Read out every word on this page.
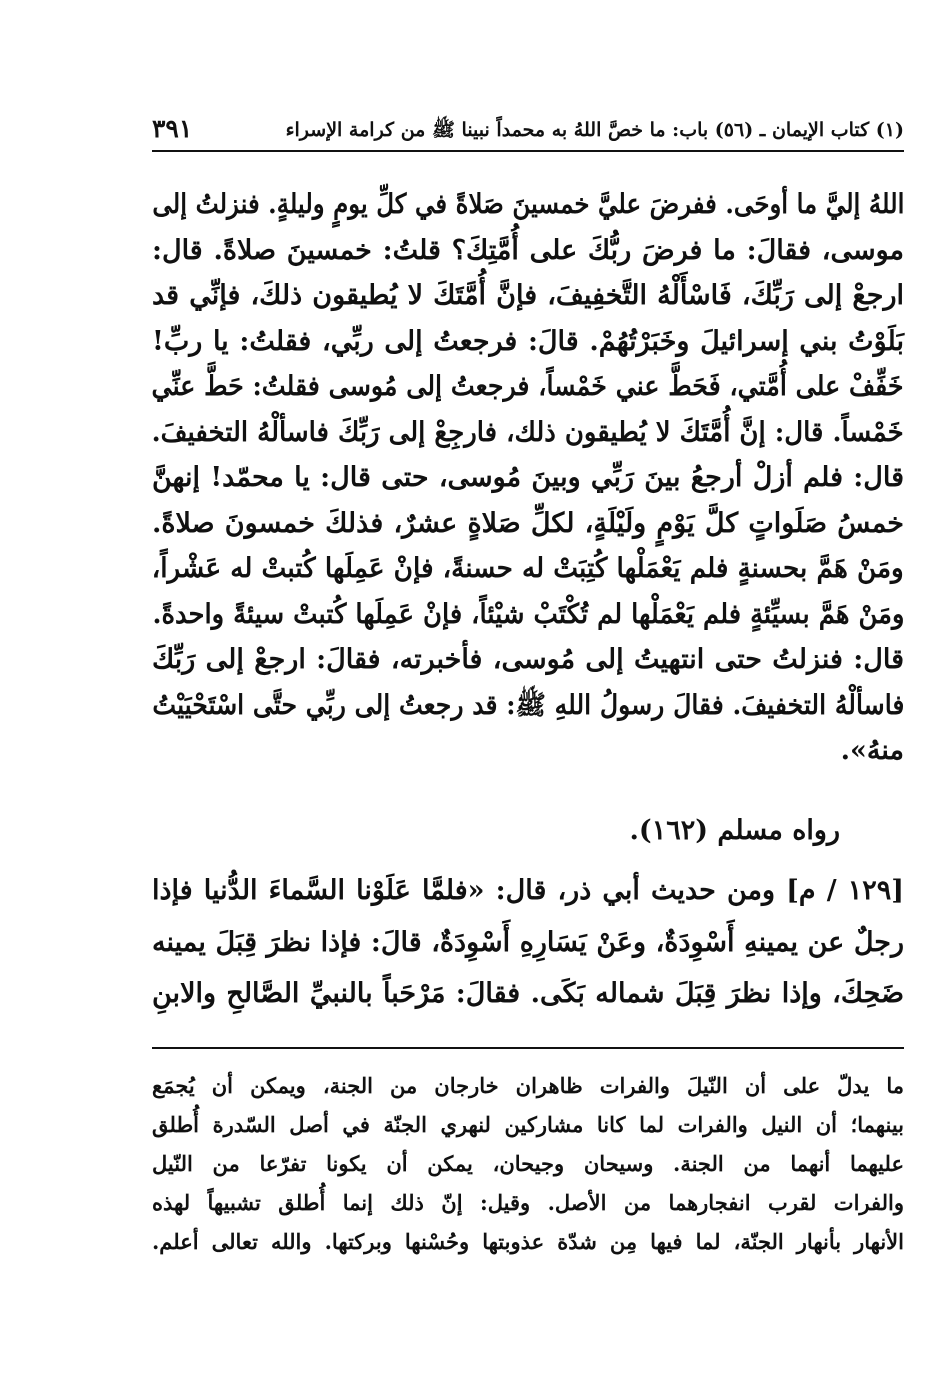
(١) كتاب الإيمان ـ (٥٦) باب: ما خصَّ اللهُ به محمداً نبينا ﷺ من كرامة الإسراء
٣٩١
اللهُ إليَّ ما أوحَى. ففرضَ عليَّ خمسينَ صَلاةً في كلِّ يومٍ وليلةٍ. فنزلتُ إلى
موسى، فقالَ: ما فرضَ ربُّكَ على أُمَّتِكَ؟ قلتُ: خمسينَ صلاةً. قال:
ارجعْ إلى رَبِّكَ، فَاسْأَلْهُ التَّخفِيفَ، فإنَّ أُمَّتَكَ لا يُطيقون ذلكَ، فإنِّي قد
بَلَوْتُ بني إسرائيلَ وخَبَرْتُهُمْ. قالَ: فرجعتُ إلى ربِّي، فقلتُ: يا ربِّ!
خَفِّفْ على أُمَّتي، فَحَطَّ عني خَمْساً، فرجعتُ إلى مُوسى فقلتُ: حَطَّ عنِّي
خَمْساً. قال: إنَّ أُمَّتَكَ لا يُطيقون ذلك، فارجِعْ إلى رَبِّكَ فاسألْهُ التخفيفَ.
قال: فلم أزلْ أرجعُ بينَ رَبِّي وبينَ مُوسى، حتى قال: يا محمّد! إنهنَّ
خمسُ صَلَواتٍ كلَّ يَوْمٍ ولَيْلَةٍ، لكلِّ صَلاةٍ عشرٌ، فذلكَ خمسونَ صلاةً.
ومَنْ هَمَّ بحسنةٍ فلم يَعْمَلْها كُتِبَتْ له حسنةً، فإنْ عَمِلَها كُتبتْ له عَشْراً،
ومَنْ هَمَّ بسيِّئةٍ فلم يَعْمَلْها لم تُكْتَبْ شيْئاً، فإنْ عَمِلَها كُتبتْ سيئةً واحدةً.
قال: فنزلتُ حتى انتهيتُ إلى مُوسى، فأخبرته، فقالَ: ارجعْ إلى رَبِّكَ
فاسألْهُ التخفيفَ. فقالَ رسولُ اللهِ ﷺ: قد رجعتُ إلى ربِّي حتَّى اسْتَحْيَيْتُ
منهُ».
رواه مسلم (١٦٢).
[١٢٩ / م] ومن حديث أبي ذر، قال: «فلمَّا عَلَوْنا السَّماءَ الدُّنيا فإذا
رجلٌ عن يمينهِ أَسْوِدَةٌ، وعَنْ يَسَارِهِ أَسْوِدَةٌ، قالَ: فإذا نظرَ قِبَلَ يمينه
ضَحِكَ، وإذا نظرَ قِبَلَ شماله بَكَى. فقالَ: مَرْحَباً بالنبيِّ الصَّالحِ والابنِ
ما يدلّ على أن النّيلَ والفرات ظاهران خارجان من الجنة، ويمكن أن يُجمَع
بينهما؛ أن النيل والفرات لما كانا مشاركين لنهري الجنّة في أصل السّدرة أُطلق
عليهما أنهما من الجنة. وسيحان وجيحان، يمكن أن يكونا تفرّعا من النّيل
والفرات لقرب انفجارهما من الأصل. وقيل: إنّ ذلك إنما أُطلق تشبيهاً لهذه
الأنهار بأنهار الجنّة، لما فيها مِن شدّة عذوبتها وحُسْنها وبركتها. والله تعالى أعلم.
